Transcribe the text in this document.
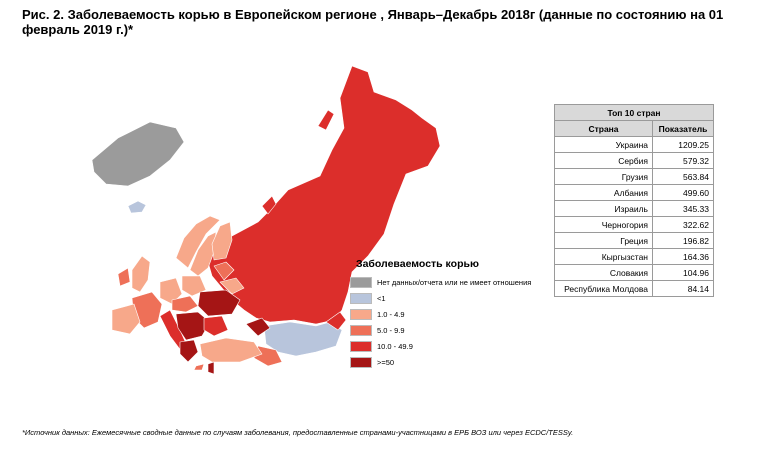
Рис. 2. Заболеваемость корью в Европейском регионе , Январь–Декабрь 2018г (данные по состоянию на 01 февраль 2019 г.)*
Заболеваемость корью
Нет данных/отчета или не имеет отношения
<1
1.0 - 4.9
5.0 - 9.9
10.0 - 49.9
>=50
Топ 10 стран	
Страна	Показатель
Украина	1209.25
Сербия	579.32
Грузия	563.84
Албания	499.60
Израиль	345.33
Черногория	322.62
Греция	196.82
Кыргызстан	164.36
Словакия	104.96
Республика Молдова	84.14
*Источник данных: Ежемесячные сводные данные по случаям заболевания, предоставленные странами-участницами в ЕРБ ВОЗ или через ECDC/TESSy.
